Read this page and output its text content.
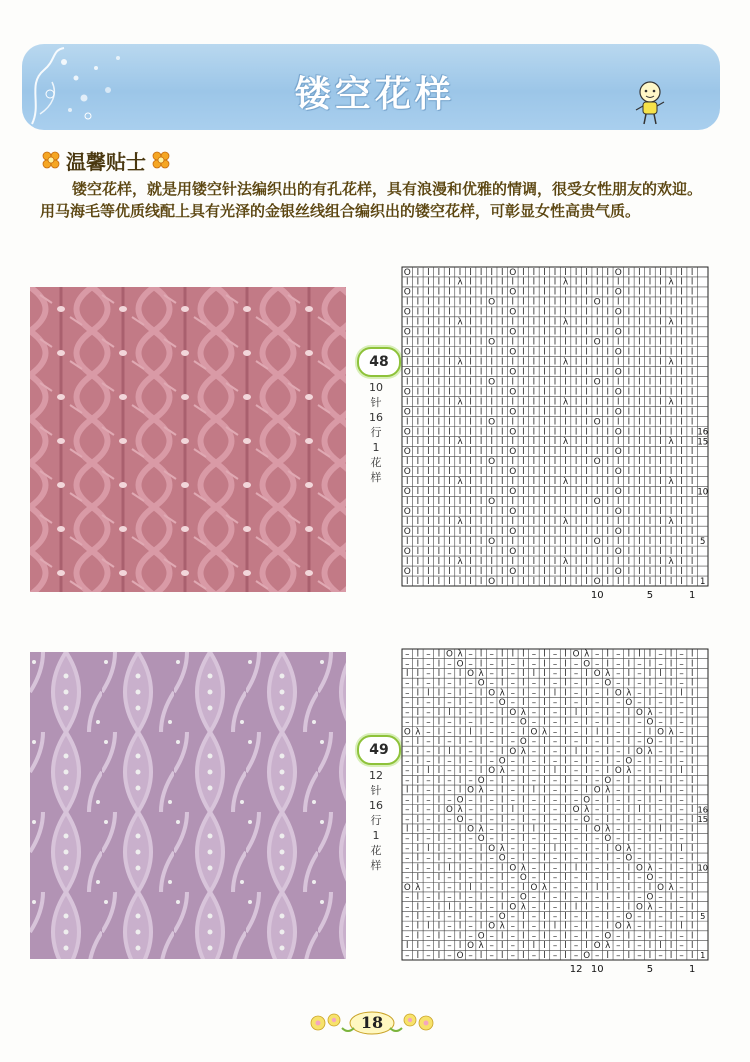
镂空花样
温馨贴士
镂空花样，就是用镂空针法编织出的有孔花样，具有浪漫和优雅的情调，很受女性朋友的欢迎。用马海毛等优质线配上具有光泽的金银丝线组合编织出的镂空花样，可彰显女性高贵气质。
48
10
针
16
行
1
花
样
O l l l l l l l l l O l l l l l l l l l O l l l l l l l
l l l l l λ l l l l l l l l l λ l l l l l l l l l λ l l
O l l l l l l l l l O l l l l l l l l l O l l l l l l l
l l l l l l l l O l l l l l l l l l O l l l l l l l l l
O l l l l l l l l l O l l l l l l l l l O l l l l l l l
l l l l l λ l l l l l l l l l λ l l l l l l l l l λ l l
O l l l l l l l l l O l l l l l l l l l O l l l l l l l
l l l l l l l l O l l l l l l l l l O l l l l l l l l l
O l l l l l l l l l O l l l l l l l l l O l l l l l l l
l l l l l λ l l l l l l l l l λ l l l l l l l l l λ l l
O l l l l l l l l l O l l l l l l l l l O l l l l l l l
l l l l l l l l O l l l l l l l l l O l l l l l l l l l
O l l l l l l l l l O l l l l l l l l l O l l l l l l l
l l l l l λ l l l l l l l l l λ l l l l l l l l l λ l l
O l l l l l l l l l O l l l l l l l l l O l l l l l l l
l l l l l l l l O l l l l l l l l l O l l l l l l l l l
O l l l l l l l l l O l l l l l l l l l O l l l l l l l
l l l l l λ l l l l l l l l l λ l l l l l l l l l λ l l
O l l l l l l l l l O l l l l l l l l l O l l l l l l l
l l l l l l l l O l l l l l l l l l O l l l l l l l l l
O l l l l l l l l l O l l l l l l l l l O l l l l l l l
l l l l l λ l l l l l l l l l λ l l l l l l l l l λ l l
O l l l l l l l l l O l l l l l l l l l O l l l l l l l
l l l l l l l l O l l l l l l l l l O l l l l l l l l l
O l l l l l l l l l O l l l l l l l l l O l l l l l l l
l l l l l λ l l l l l l l l l λ l l l l l l l l l λ l l
O l l l l l l l l l O l l l l l l l l l O l l l l l l l
l l l l l l l l O l l l l l l l l l O l l l l l l l l l
O l l l l l l l l l O l l l l l l l l l O l l l l l l l
l l l l l λ l l l l l l l l l λ l l l l l l l l l λ l l
O l l l l l l l l l O l l l l l l l l l O l l l l l l l
l l l l l l l l O l l l l l l l l l O l l l l l l l l l
16
15
10
5
1
10	5	1
49
12
针
16
行
1
花
样
– l – l O λ – l – l l l – l – l O λ – l – l l l – l – l
– l – l – O – l – l – l – l – l – O – l – l – l – l – l
l l – l – l O λ – l – l l l – l – l O λ – l – l l l – l
– l – l – l – O – l – l – l – l – l – O – l – l – l – l
– l l l – l – l O λ – l – l l l – l – l O λ – l – l l l
– l – l – l – l – O – l – l – l – l – l – O – l – l – l
– l – l l l – l – l O λ – l – l l l – l – l O λ – l – l
– l – l – l – l – l – O – l – l – l – l – l – O – l – l
O λ – l – l l l – l – l O λ – l – l l l – l – l O λ – l
– l – l – l – l – l – O – l – l – l – l – l – O – l – l
– l – l l l – l – l O λ – l – l l l – l – l O λ – l – l
– l – l – l – l – O – l – l – l – l – l – O – l – l – l
– l l l – l – l O λ – l – l l l – l – l O λ – l – l l l
– l – l – l – O – l – l – l – l – l – O – l – l – l – l
l l – l – l O λ – l – l l l – l – l O λ – l – l l l – l
– l – l – O – l – l – l – l – l – O – l – l – l – l – l
– l – l O λ – l – l l l – l – l O λ – l – l l l – l – l
– l – l – O – l – l – l – l – l – O – l – l – l – l – l
l l – l – l O λ – l – l l l – l – l O λ – l – l l l – l
– l – l – l – O – l – l – l – l – l – O – l – l – l – l
– l l l – l – l O λ – l – l l l – l – l O λ – l – l l l
– l – l – l – l – O – l – l – l – l – l – O – l – l – l
– l – l l l – l – l O λ – l – l l l – l – l O λ – l – l
– l – l – l – l – l – O – l – l – l – l – l – O – l – l
O λ – l – l l l – l – l O λ – l – l l l – l – l O λ – l
– l – l – l – l – l – O – l – l – l – l – l – O – l – l
– l – l l l – l – l O λ – l – l l l – l – l O λ – l – l
– l – l – l – l – O – l – l – l – l – l – O – l – l – l
– l l l – l – l O λ – l – l l l – l – l O λ – l – l l l
– l – l – l – O – l – l – l – l – l – O – l – l – l – l
l l – l – l O λ – l – l l l – l – l O λ – l – l l l – l
– l – l – O – l – l – l – l – l – O – l – l – l – l – l
16
15
10
5
1
12 10	5	1
18
